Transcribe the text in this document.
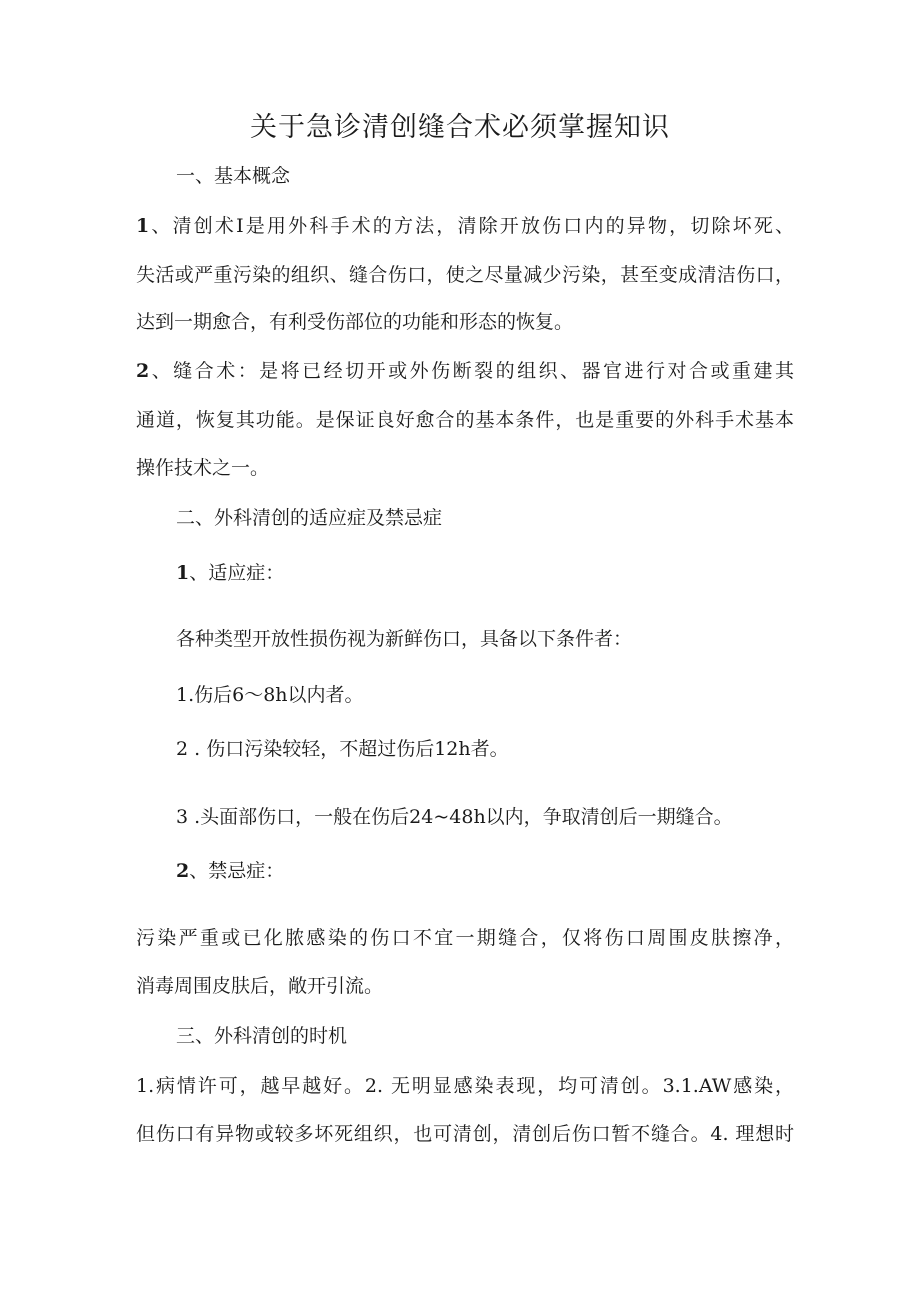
关于急诊清创缝合术必须掌握知识
一、基本概念
1、清创术I是用外科手术的方法，清除开放伤口内的异物，切除坏死、
失活或严重污染的组织、缝合伤口，使之尽量减少污染，甚至变成清洁伤口，
达到一期愈合，有利受伤部位的功能和形态的恢复。
2、缝合术：是将已经切开或外伤断裂的组织、器官进行对合或重建其
通道，恢复其功能。是保证良好愈合的基本条件，也是重要的外科手术基本
操作技术之一。
二、外科清创的适应症及禁忌症
1、适应症：
各种类型开放性损伤视为新鲜伤口，具备以下条件者：
1.伤后6〜8h以内者。
2 . 伤口污染较轻，不超过伤后12h者。
3 .头面部伤口，一般在伤后24~48h以内，争取清创后一期缝合。
2、禁忌症：
污染严重或已化脓感染的伤口不宜一期缝合，仅将伤口周围皮肤擦净，
消毒周围皮肤后，敞开引流。
三、外科清创的时机
1.病情许可，越早越好。2. 无明显感染表现，均可清创。3.1.AW感染，
但伤口有异物或较多坏死组织，也可清创，清创后伤口暂不缝合。4. 理想时
